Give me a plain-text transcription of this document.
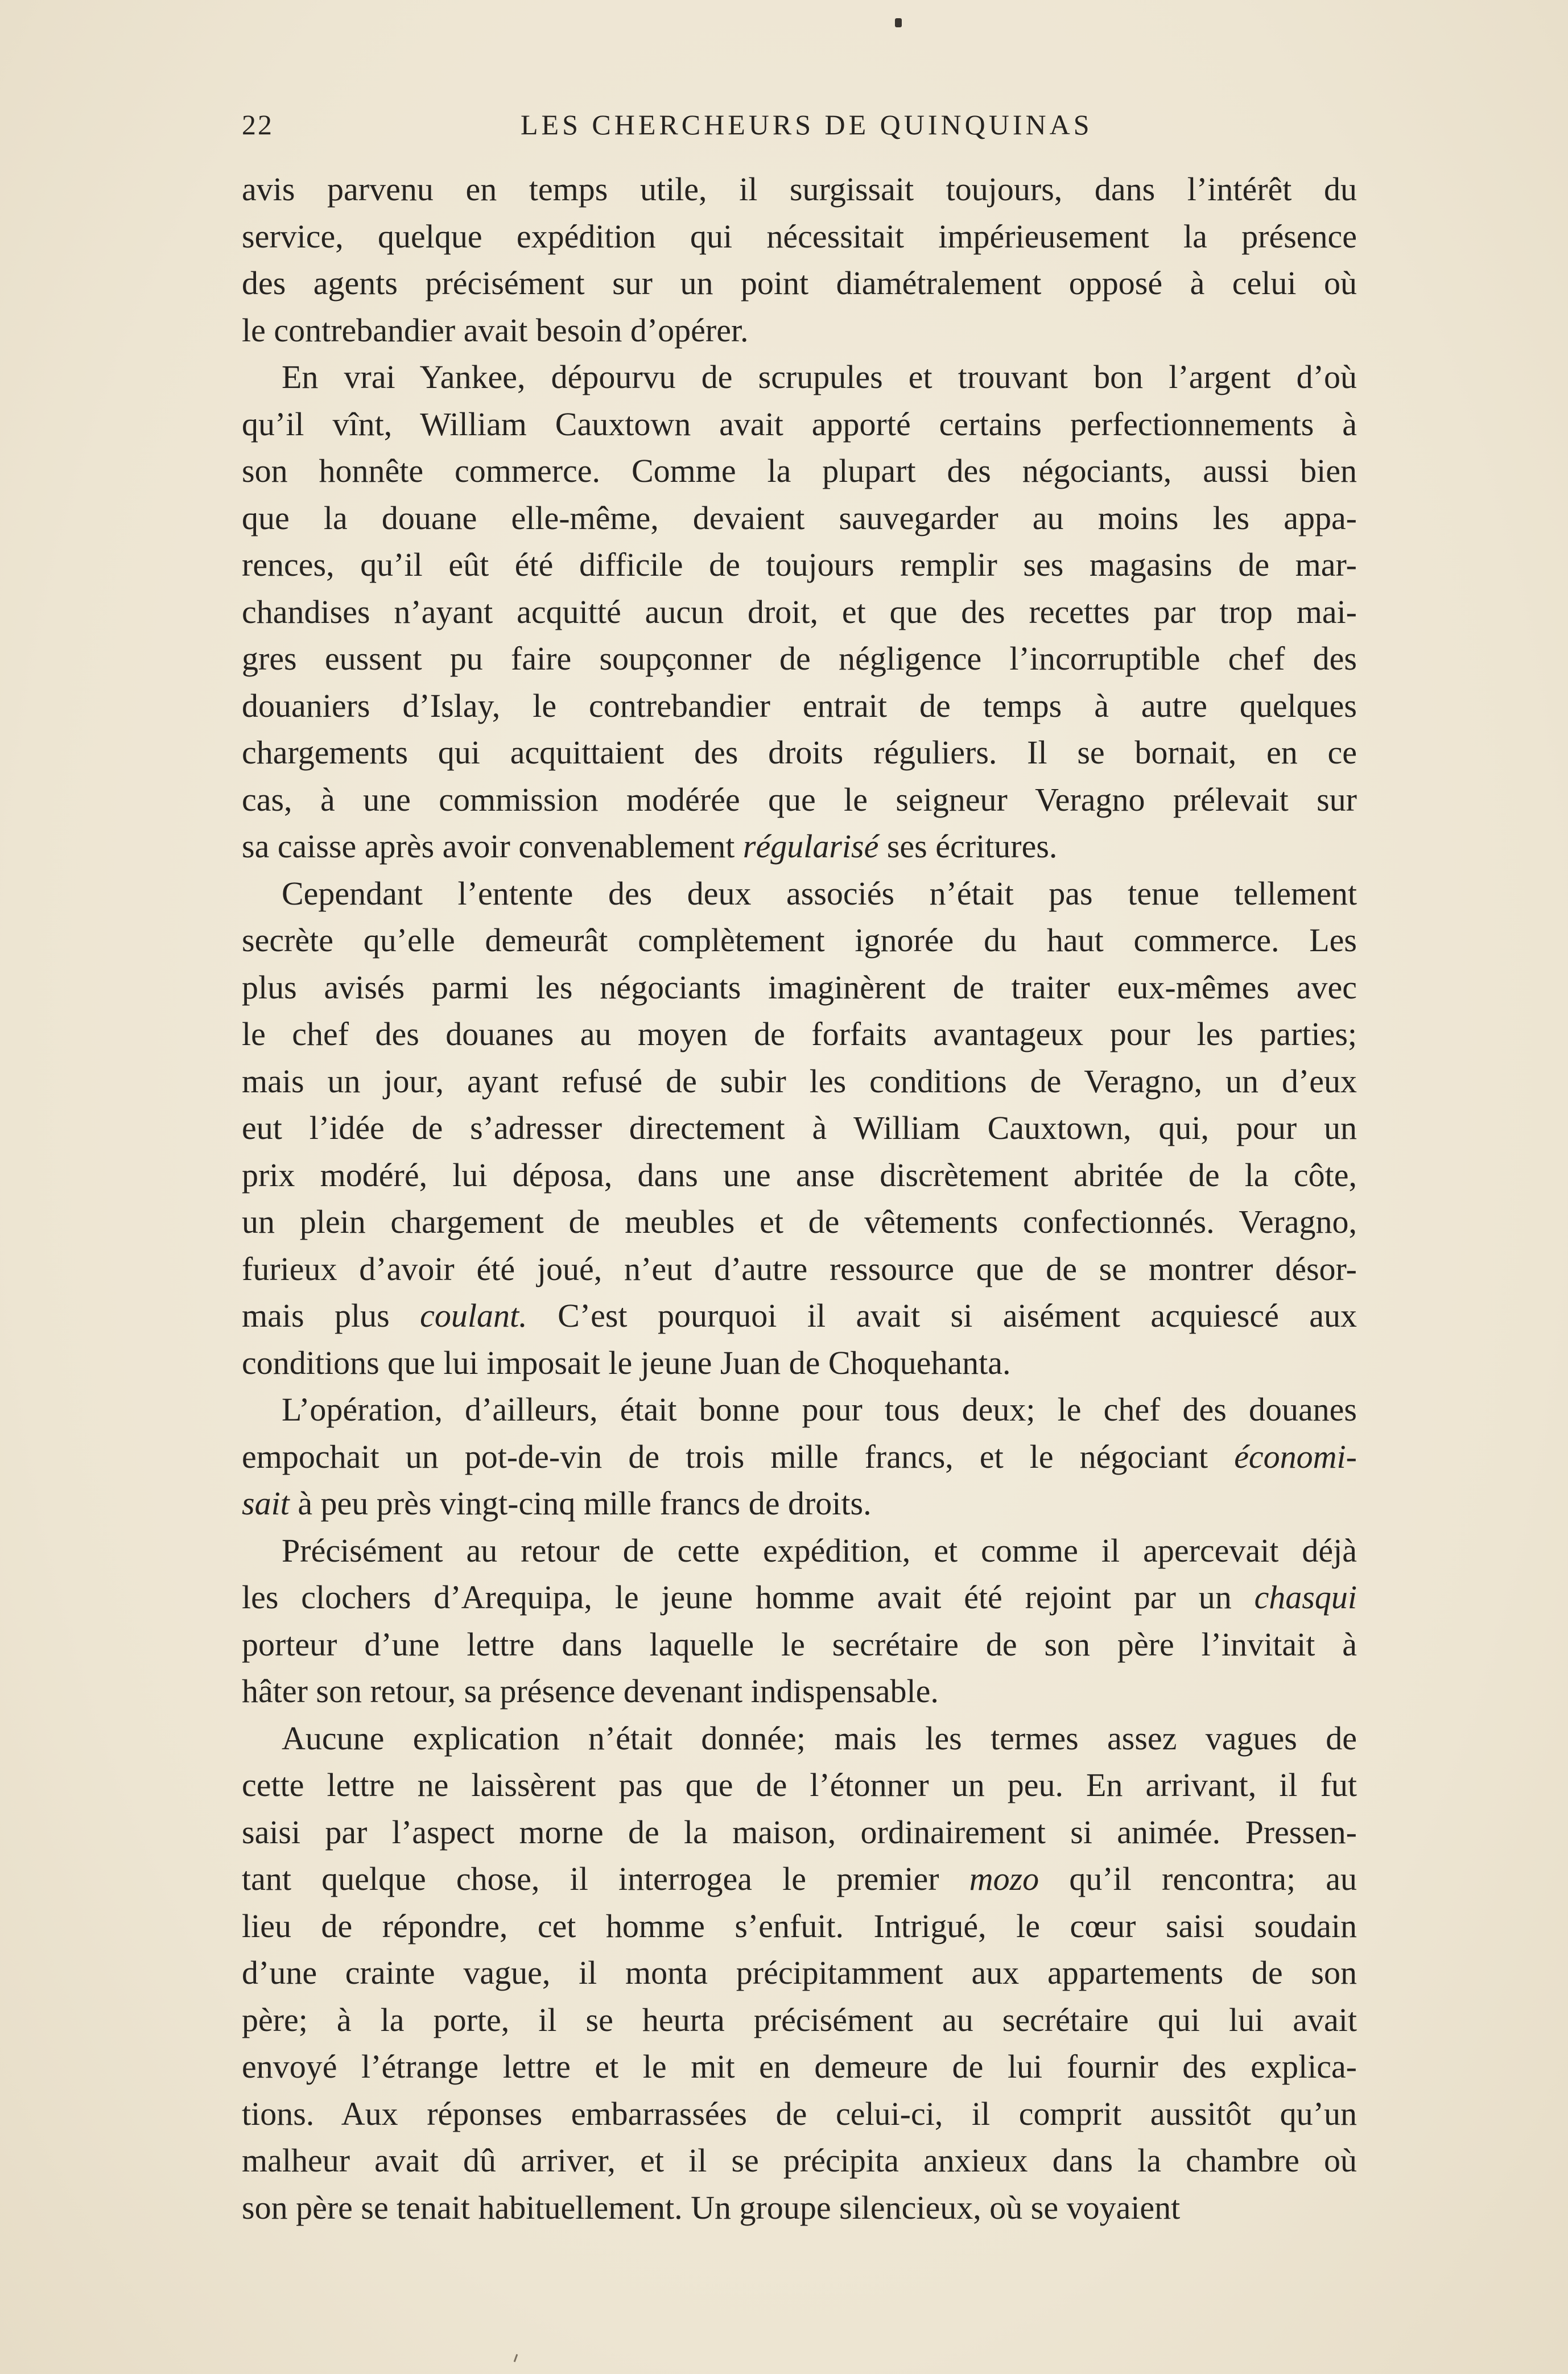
22	LES CHERCHEURS DE QUINQUINAS
avis parvenu en temps utile, il surgissait toujours, dans l’intérêt du
service, quelque expédition qui nécessitait impérieusement la présence
des agents précisément sur un point diamétralement opposé à celui où
le contrebandier avait besoin d’opérer.
En vrai Yankee, dépourvu de scrupules et trouvant bon l’argent d’où
qu’il vînt, William Cauxtown avait apporté certains perfectionnements à
son honnête commerce. Comme la plupart des négociants, aussi bien
que la douane elle-même, devaient sauvegarder au moins les appa-
rences, qu’il eût été difficile de toujours remplir ses magasins de mar-
chandises n’ayant acquitté aucun droit, et que des recettes par trop mai-
gres eussent pu faire soupçonner de négligence l’incorruptible chef des
douaniers d’Islay, le contrebandier entrait de temps à autre quelques
chargements qui acquittaient des droits réguliers. Il se bornait, en ce
cas, à une commission modérée que le seigneur Veragno prélevait sur
sa caisse après avoir convenablement régularisé ses écritures.
Cependant l’entente des deux associés n’était pas tenue tellement
secrète qu’elle demeurât complètement ignorée du haut commerce. Les
plus avisés parmi les négociants imaginèrent de traiter eux-mêmes avec
le chef des douanes au moyen de forfaits avantageux pour les parties;
mais un jour, ayant refusé de subir les conditions de Veragno, un d’eux
eut l’idée de s’adresser directement à William Cauxtown, qui, pour un
prix modéré, lui déposa, dans une anse discrètement abritée de la côte,
un plein chargement de meubles et de vêtements confectionnés. Veragno,
furieux d’avoir été joué, n’eut d’autre ressource que de se montrer désor-
mais plus coulant. C’est pourquoi il avait si aisément acquiescé aux
conditions que lui imposait le jeune Juan de Choquehanta.
L’opération, d’ailleurs, était bonne pour tous deux; le chef des douanes
empochait un pot-de-vin de trois mille francs, et le négociant économi-
sait à peu près vingt-cinq mille francs de droits.
Précisément au retour de cette expédition, et comme il apercevait déjà
les clochers d’Arequipa, le jeune homme avait été rejoint par un chasqui
porteur d’une lettre dans laquelle le secrétaire de son père l’invitait à
hâter son retour, sa présence devenant indispensable.
Aucune explication n’était donnée; mais les termes assez vagues de
cette lettre ne laissèrent pas que de l’étonner un peu. En arrivant, il fut
saisi par l’aspect morne de la maison, ordinairement si animée. Pressen-
tant quelque chose, il interrogea le premier mozo qu’il rencontra; au
lieu de répondre, cet homme s’enfuit. Intrigué, le cœur saisi soudain
d’une crainte vague, il monta précipitamment aux appartements de son
père; à la porte, il se heurta précisément au secrétaire qui lui avait
envoyé l’étrange lettre et le mit en demeure de lui fournir des explica-
tions. Aux réponses embarrassées de celui-ci, il comprit aussitôt qu’un
malheur avait dû arriver, et il se précipita anxieux dans la chambre où
son père se tenait habituellement. Un groupe silencieux, où se voyaient
